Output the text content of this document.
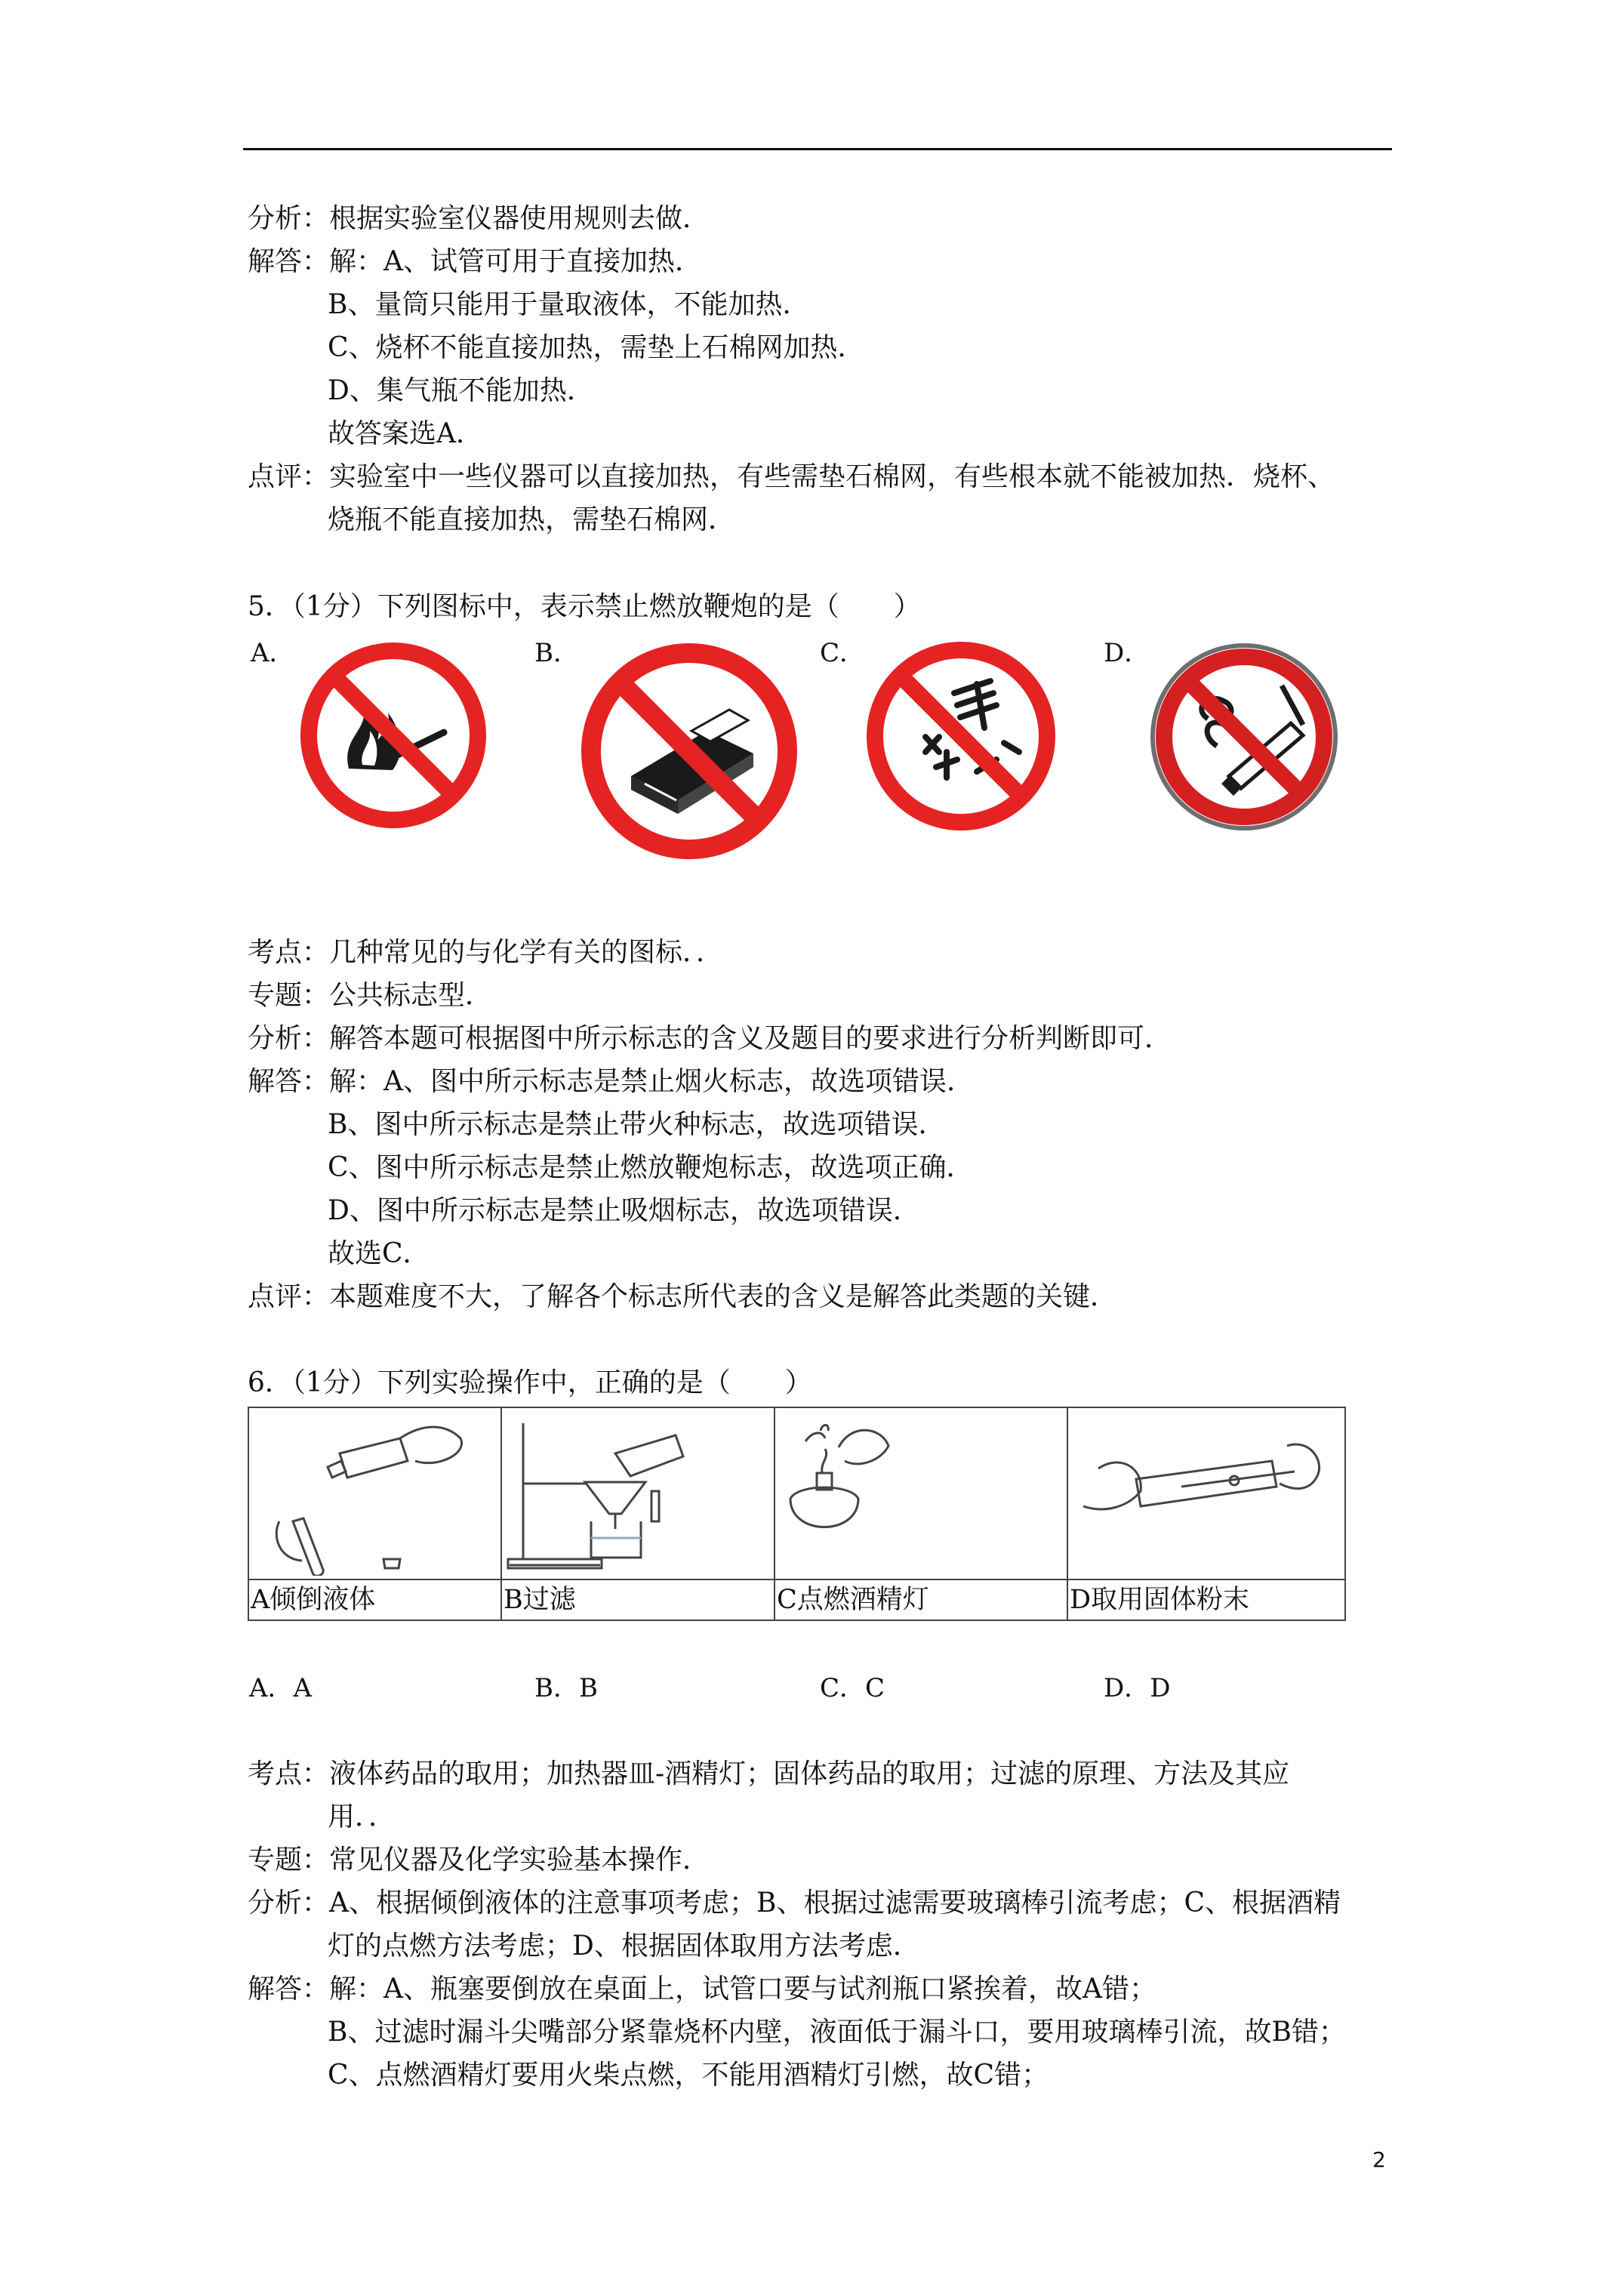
分析：根据实验室仪器使用规则去做．
解答：解：A、试管可用于直接加热．
B、量筒只能用于量取液体，不能加热．
C、烧杯不能直接加热，需垫上石棉网加热．
D、集气瓶不能加热．
故答案选A．
点评：实验室中一些仪器可以直接加热，有些需垫石棉网，有些根本就不能被加热．烧杯、
烧瓶不能直接加热，需垫石棉网．
5．（1分）下列图标中，表示禁止燃放鞭炮的是（　　）
A．	B．	C．	D．
考点：几种常见的与化学有关的图标．．
专题：公共标志型．
分析：解答本题可根据图中所示标志的含义及题目的要求进行分析判断即可．
解答：解：A、图中所示标志是禁止烟火标志，故选项错误．
B、图中所示标志是禁止带火种标志，故选项错误．
C、图中所示标志是禁止燃放鞭炮标志，故选项正确．
D、图中所示标志是禁止吸烟标志，故选项错误．
故选C．
点评：本题难度不大，了解各个标志所代表的含义是解答此类题的关键．
6．（1分）下列实验操作中，正确的是（　　）

A倾倒液体	B过滤	C点燃酒精灯	D取用固体粉末
A．A	B．B	C．C	D．D
考点：液体药品的取用；加热器皿-酒精灯；固体药品的取用；过滤的原理、方法及其应
用．．
专题：常见仪器及化学实验基本操作．
分析：A、根据倾倒液体的注意事项考虑；B、根据过滤需要玻璃棒引流考虑；C、根据酒精
灯的点燃方法考虑；D、根据固体取用方法考虑．
解答：解：A、瓶塞要倒放在桌面上，试管口要与试剂瓶口紧挨着，故A错；
B、过滤时漏斗尖嘴部分紧靠烧杯内壁，液面低于漏斗口，要用玻璃棒引流，故B错；
C、点燃酒精灯要用火柴点燃，不能用酒精灯引燃，故C错；
2
